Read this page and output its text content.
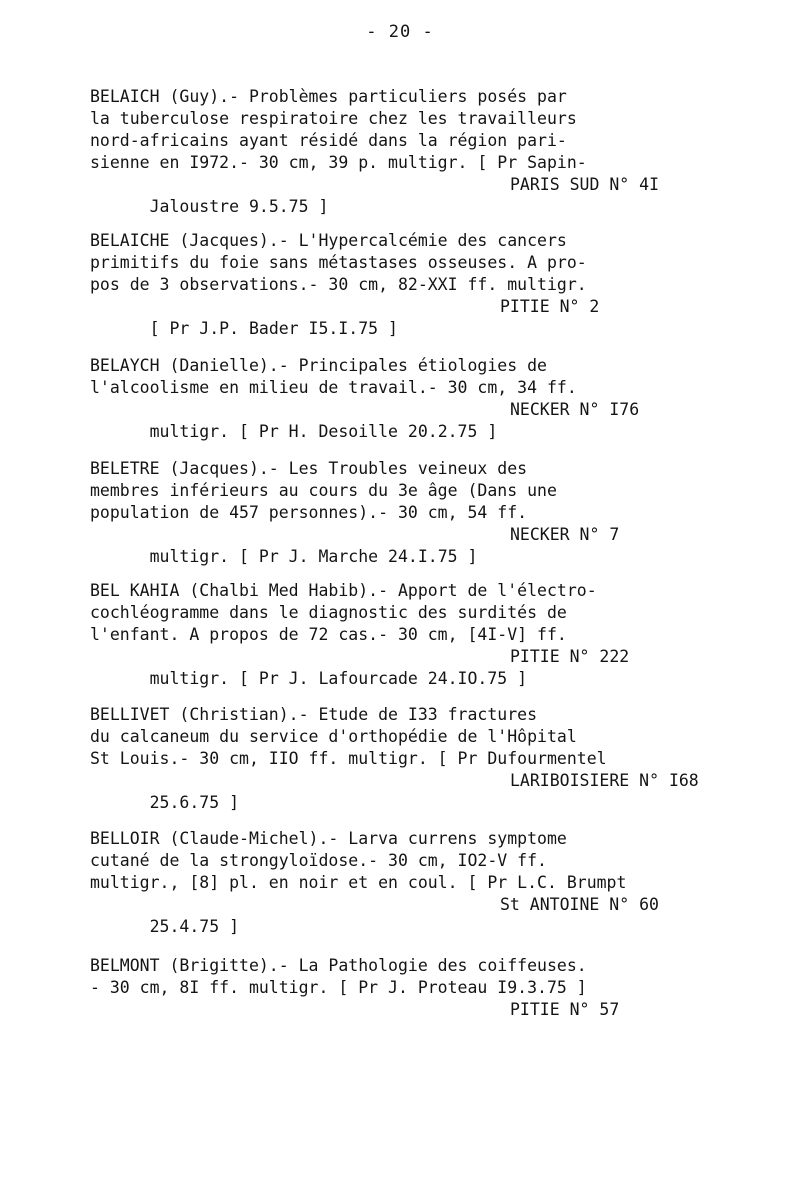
- 20 -
BELAICH (Guy).- Problèmes particuliers posés par
la tuberculose respiratoire chez les travailleurs
nord-africains ayant résidé dans la région pari-
sienne en I972.- 30 cm, 39 p. multigr. [ Pr Sapin-

Jaloustre 9.5.75 ]

PARIS SUD N° 4I

BELAICHE (Jacques).- L'Hypercalcémie des cancers
primitifs du foie sans métastases osseuses. A pro-
pos de 3 observations.- 30 cm, 82-XXI ff. multigr.

[ Pr J.P. Bader I5.I.75 ]

PITIE N° 2

BELAYCH (Danielle).- Principales étiologies de
l'alcoolisme en milieu de travail.- 30 cm, 34 ff.

multigr. [ Pr H. Desoille 20.2.75 ]

NECKER N° I76

BELETRE (Jacques).- Les Troubles veineux des
membres inférieurs au cours du 3e âge (Dans une
population de 457 personnes).- 30 cm, 54 ff.

multigr. [ Pr J. Marche 24.I.75 ]

NECKER N° 7

BEL KAHIA (Chalbi Med Habib).- Apport de l'électro-
cochléogramme dans le diagnostic des surdités de
l'enfant. A propos de 72 cas.- 30 cm, [4I-V] ff.

multigr. [ Pr J. Lafourcade 24.IO.75 ]

PITIE N° 222

BELLIVET (Christian).- Etude de I33 fractures
du calcaneum du service d'orthopédie de l'Hôpital
St Louis.- 30 cm, IIO ff. multigr. [ Pr Dufourmentel

25.6.75 ]

LARIBOISIERE N° I68

BELLOIR (Claude-Michel).- Larva currens symptome
cutané de la strongyloïdose.- 30 cm, IO2-V ff.
multigr., [8] pl. en noir et en coul. [ Pr L.C. Brumpt

25.4.75 ]

St ANTOINE N° 60

BELMONT (Brigitte).- La Pathologie des coiffeuses.
- 30 cm, 8I ff. multigr. [ Pr J. Proteau I9.3.75 ]

PITIE N° 57
